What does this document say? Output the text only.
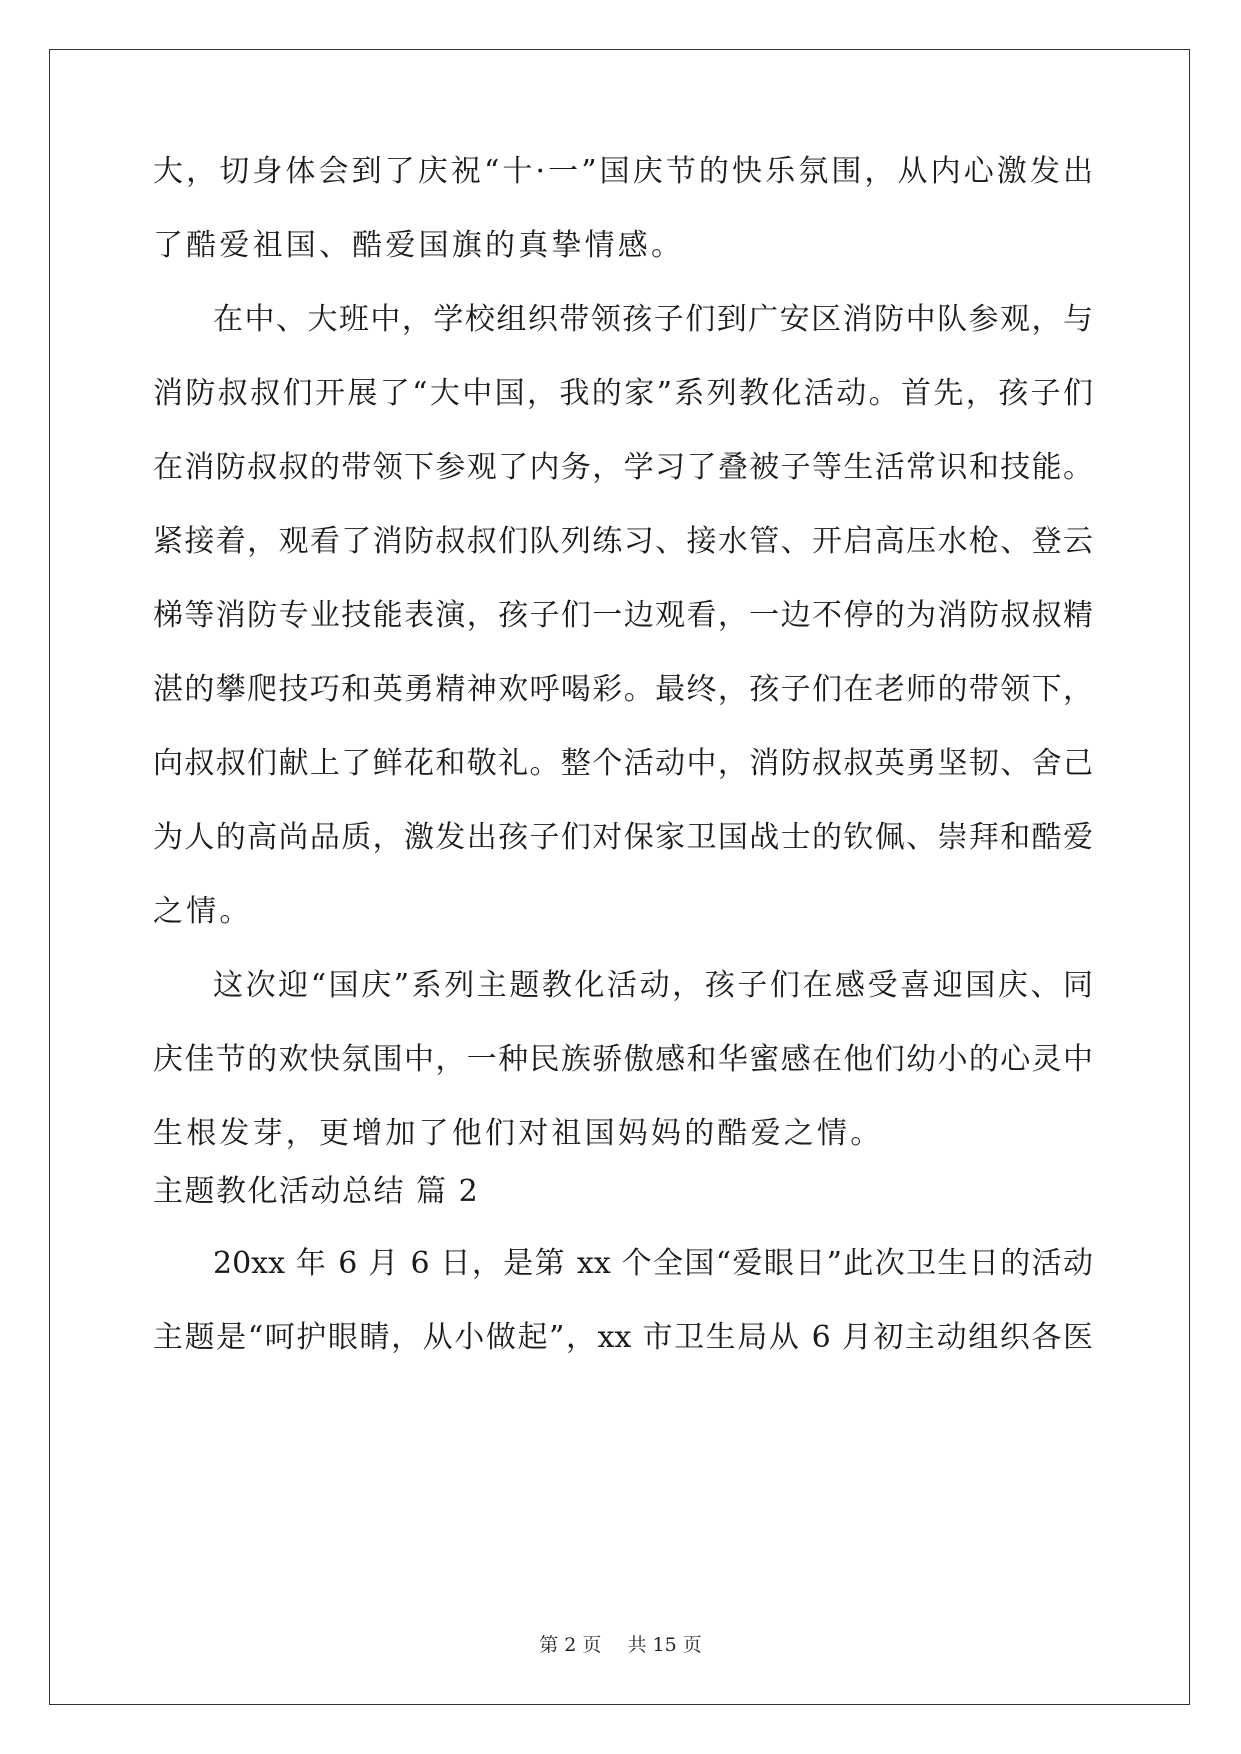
大，切身体会到了庆祝“十·一”国庆节的快乐氛围，从内心激发出
了酷爱祖国、酷爱国旗的真挚情感。
在中、大班中，学校组织带领孩子们到广安区消防中队参观，与
消防叔叔们开展了“大中国，我的家”系列教化活动。首先，孩子们
在消防叔叔的带领下参观了内务，学习了叠被子等生活常识和技能。
紧接着，观看了消防叔叔们队列练习、接水管、开启高压水枪、登云
梯等消防专业技能表演，孩子们一边观看，一边不停的为消防叔叔精
湛的攀爬技巧和英勇精神欢呼喝彩。最终，孩子们在老师的带领下，
向叔叔们献上了鲜花和敬礼。整个活动中，消防叔叔英勇坚韧、舍己
为人的高尚品质，激发出孩子们对保家卫国战士的钦佩、崇拜和酷爱
之情。
这次迎“国庆”系列主题教化活动，孩子们在感受喜迎国庆、同
庆佳节的欢快氛围中，一种民族骄傲感和华蜜感在他们幼小的心灵中
生根发芽，更增加了他们对祖国妈妈的酷爱之情。
主题教化活动总结 篇 2
20xx 年 6 月 6 日，是第 xx 个全国“爱眼日”此次卫生日的活动
主题是“呵护眼睛，从小做起”，xx 市卫生局从 6 月初主动组织各医
第 2 页 共 15 页
